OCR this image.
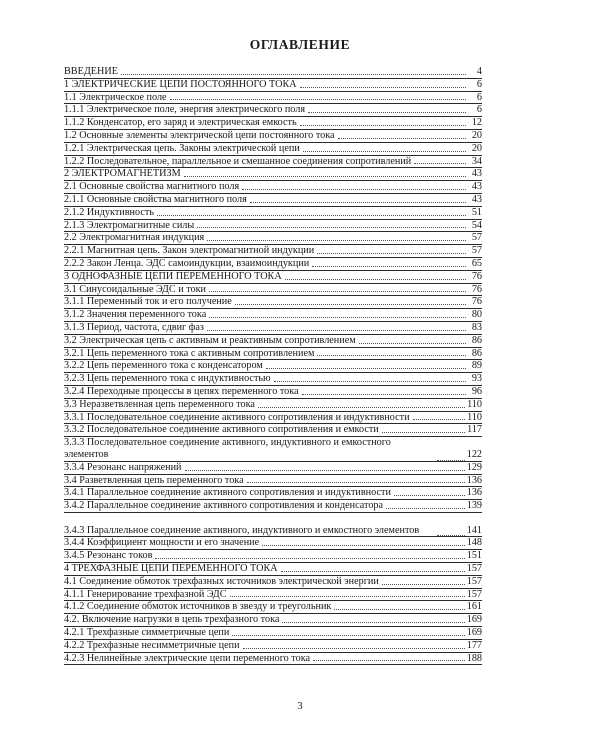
ОГЛАВЛЕНИЕ
ВВЕДЕНИЕ	4
1 ЭЛЕКТРИЧЕСКИЕ ЦЕПИ ПОСТОЯННОГО ТОКА	6
1.1 Электрическое поле	6
1.1.1 Электрическое поле, энергия электрического поля	6
1.1.2 Конденсатор, его заряд и электрическая емкость	12
1.2 Основные элементы электрической цепи постоянного тока	20
1.2.1 Электрическая цепь. Законы электрической цепи	20
1.2.2 Последовательное, параллельное и смешанное соединения сопротивлений	34
2 ЭЛЕКТРОМАГНЕТИЗМ	43
2.1 Основные свойства магнитного поля	43
2.1.1 Основные свойства магнитного поля	43
2.1.2 Индуктивность	51
2.1.3 Электромагнитные силы	54
2.2 Электромагнитная индукция	57
2.2.1 Магнитная цепь. Закон электромагнитной индукции	57
2.2.2 Закон Ленца. ЭДС самоиндукции, взаимоиндукции	65
3 ОДНОФАЗНЫЕ ЦЕПИ ПЕРЕМЕННОГО ТОКА	76
3.1 Синусоидальные ЭДС и токи	76
3.1.1 Переменный ток и его получение	76
3.1.2 Значения переменного тока	80
3.1.3 Период, частота, сдвиг фаз	83
3.2 Электрическая цепь с активным и реактивным сопротивлением	86
3.2.1 Цепь переменного тока с активным сопротивлением	86
3.2.2 Цепь переменного тока с конденсатором	89
3.2.3 Цепь переменного тока с индуктивностью	93
3.2.4 Переходные процессы в цепях переменного тока	96
3.3 Неразветвленная цепь переменного тока	110
3.3.1 Последовательное соединение активного сопротивления и индуктивности	110
3.3.2 Последовательное соединение активного сопротивления и емкости	117
3.3.3 Последовательное соединение активного, индуктивного и емкостного элементов	122
3.3.4 Резонанс напряжений	129
3.4 Разветвленная цепь переменного тока	136
3.4.1 Параллельное соединение активного сопротивления и индуктивности	136
3.4.2 Параллельное соединение активного сопротивления и конденсатора	139
3.4.3 Параллельное соединение активного, индуктивного и емкостного элементов	141
3.4.4 Коэффициент мощности и его значение	148
3.4.5 Резонанс токов	151
4 ТРЕХФАЗНЫЕ ЦЕПИ ПЕРЕМЕННОГО ТОКА	157
4.1 Соединение обмоток трехфазных источников электрической энергии	157
4.1.1 Генерирование трехфазной ЭДС	157
4.1.2 Соединение обмоток источников в звезду и треугольник	161
4.2. Включение нагрузки в цепь трехфазного тока	169
4.2.1 Трехфазные симметричные цепи	169
4.2.2 Трехфазные несимметричные цепи	177
4.2.3 Нелинейные электрические цепи переменного тока	188
3
